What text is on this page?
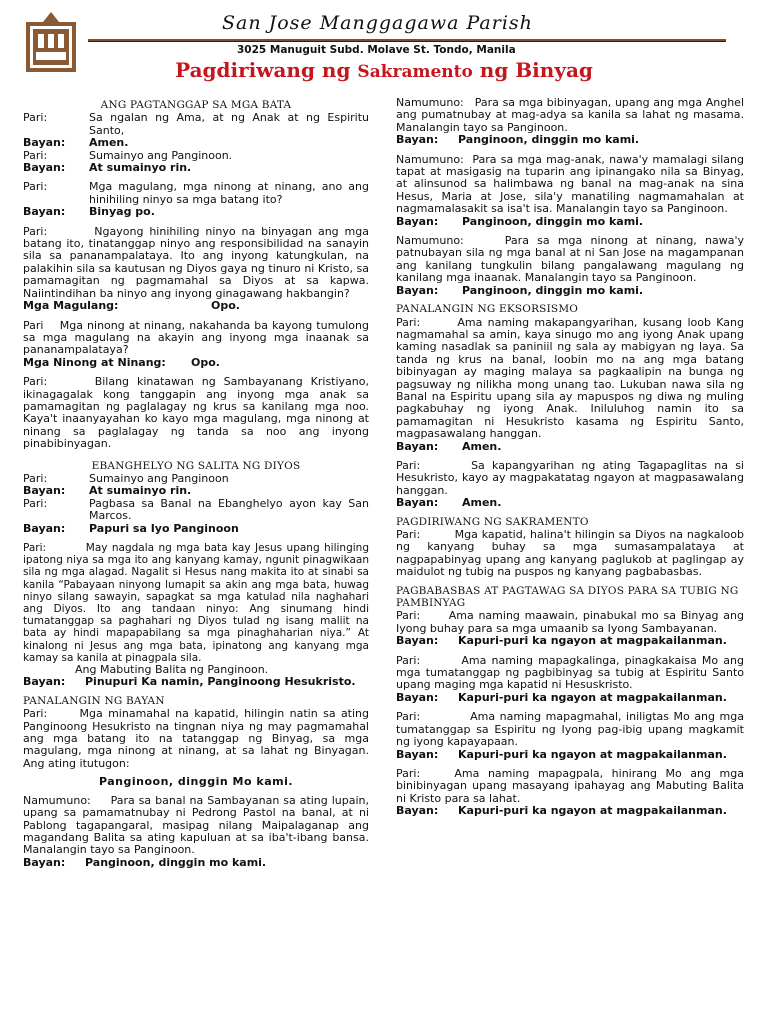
San Jose Manggagawa Parish
3025 Manuguit Subd. Molave St. Tondo, Manila
Pagdiriwang ng Sakramento ng Binyag
ANG PAGTANGGAP SA MGA BATA
Pari:	Sa ngalan ng Ama, at ng Anak at ng Espiritu Santo,
Bayan:	Amen.
Pari:	Sumainyo ang Panginoon.
Bayan:	At sumainyo rin.
Pari:	Mga magulang, mga ninong at ninang, ano ang hinihiling ninyo sa mga batang ito?
Bayan:	Binyag po.
Pari:	Ngayong hinihiling ninyo na binyagan ang mga batang ito, tinatanggap ninyo ang responsibilidad na sanayin sila sa pananampalataya. Ito ang inyong katungkulan, na palakihin sila sa kautusan ng Diyos gaya ng tinuro ni Kristo, sa pamamagitan ng pagmamahal sa Diyos at sa kapwa. Naiintindihan ba ninyo ang inyong ginagawang hakbangin?
Mga Magulang:	Opo.
Pari Mga ninong at ninang, nakahanda ba kayong tumulong sa mga magulang na akayin ang inyong mga inaanak sa pananampalataya?
Mga Ninong at Ninang:	Opo.
Pari:	Bilang kinatawan ng Sambayanang Kristiyano, ikinagagalak kong tanggapin ang inyong mga anak sa pamamagitan ng paglalagay ng krus sa kanilang mga noo. Kaya't inaanyayahan ko kayo mga magulang, mga ninong at ninang sa paglalagay ng tanda sa noo ang inyong pinabibinyagan.
EBANGHELYO NG SALITA NG DIYOS
Pari:	Sumainyo ang Panginoon
Bayan:	At sumainyo rin.
Pari:	Pagbasa sa Banal na Ebanghelyo ayon kay San Marcos.
Bayan:	Papuri sa Iyo Panginoon
Pari:	May nagdala ng mga bata kay Jesus upang hilinging ipatong niya sa mga ito ang kanyang kamay, ngunit pinagwikaan sila ng mga alagad. Nagalit si Hesus nang makita ito at sinabi sa kanila “Pabayaan ninyong lumapit sa akin ang mga bata, huwag ninyo silang sawayin, sapagkat sa mga katulad nila naghahari ang Diyos. Ito ang tandaan ninyo: Ang sinumang hindi tumatanggap sa paghahari ng Diyos tulad ng isang maliit na bata ay hindi mapapabilang sa mga pinaghaharian niya.” At kinalong ni Jesus ang mga bata, ipinatong ang kanyang mga kamay sa kanila at pinagpala sila.
Ang Mabuting Balita ng Panginoon.
Bayan:	Pinupuri Ka namin, Panginoong Hesukristo.
PANALANGIN NG BAYAN
Pari:	Mga minamahal na kapatid, hilingin natin sa ating Panginoong Hesukristo na tingnan niya ng may pagmamahal ang mga batang ito na tatanggap ng Binyag, sa mga magulang, mga ninong at ninang, at sa lahat ng Binyagan. Ang ating itutugon:
Panginoon, dinggin Mo kami.
Namumuno: Para sa banal na Sambayanan sa ating lupain, upang sa pamamatnubay ni Pedrong Pastol na banal, at ni Pablong tagapangaral, masipag nilang Maipalaganap ang magandang Balita sa ating kapuluan at sa iba't-ibang bansa. Manalangin tayo sa Panginoon.
Bayan:	Panginoon, dinggin mo kami.
Namumuno: Para sa mga bibinyagan, upang ang mga Anghel ang pumatnubay at mag-adya sa kanila sa lahat ng masama. Manalangin tayo sa Panginoon.
Bayan:	Panginoon, dinggin mo kami.
Namumuno: Para sa mga mag-anak, nawa'y mamalagi silang tapat at masigasig na tuparin ang ipinangako nila sa Binyag, at alinsunod sa halimbawa ng banal na mag-anak na sina Hesus, Maria at Jose, sila'y manatiling nagmamahalan at nagmamalasakit sa isa't isa. Manalangin tayo sa Panginoon.
Bayan:	Panginoon, dinggin mo kami.
Namumuno:	Para sa mga ninong at ninang, nawa'y patnubayan sila ng mga banal at ni San Jose na magampanan ang kanilang tungkulin bilang pangalawang magulang ng kanilang mga inaanak. Manalangin tayo sa Panginoon.
Bayan:	Panginoon, dinggin mo kami.
PANALANGIN NG EKSORSISMO
Pari:	Ama naming makapangyarihan, kusang loob Kang nagmamahal sa amin, kaya sinugo mo ang iyong Anak upang kaming nasadlak sa paniniil ng sala ay mabigyan ng laya. Sa tanda ng krus na banal, loobin mo na ang mga batang bibinyagan ay maging malaya sa pagkaalipin na bunga ng pagsuway ng nilikha mong unang tao. Lukuban nawa sila ng Banal na Espiritu upang sila ay mapuspos ng diwa ng muling pagkabuhay ng iyong Anak. Iniluluhog namin ito sa pamamagitan ni Hesukristo kasama ng Espiritu Santo, magpasawalang hanggan.
Bayan:	Amen.
Pari:	Sa kapangyarihan ng ating Tagapaglitas na si Hesukristo, kayo ay magpakatatag ngayon at magpasawalang hanggan.
Bayan:	Amen.
PAGDIRIWANG NG SAKRAMENTO
Pari:	Mga kapatid, halina't hilingin sa Diyos na nagkaloob ng kanyang buhay sa mga sumasampalataya at nagpapabinyag upang ang kanyang paglukob at paglingap ay maidulot ng tubig na puspos ng kanyang pagbabasbas.
PAGBABASBAS AT PAGTAWAG SA DIYOS PARA SA TUBIG NG PAMBINYAG
Pari:	Ama naming maawain, pinabukal mo sa Binyag ang Iyong buhay para sa mga umaanib sa Iyong Sambayanan.
Bayan:	Kapuri-puri ka ngayon at magpakailanman.
Pari:	Ama naming mapagkalinga, pinagkakaisa Mo ang mga tumatanggap ng pagbibinyag sa tubig at Espiritu Santo upang maging mga kapatid ni Hesuskristo.
Bayan:	Kapuri-puri ka ngayon at magpakailanman.
Pari:	Ama naming mapagmahal, iniligtas Mo ang mga tumatanggap sa Espiritu ng Iyong pag-ibig upang magkamit ng iyong kapayapaan.
Bayan:	Kapuri-puri ka ngayon at magpakailanman.
Pari:	Ama naming mapagpala, hinirang Mo ang mga binibinyagan upang masayang ipahayag ang Mabuting Balita ni Kristo para sa lahat.
Bayan:	Kapuri-puri ka ngayon at magpakailanman.
